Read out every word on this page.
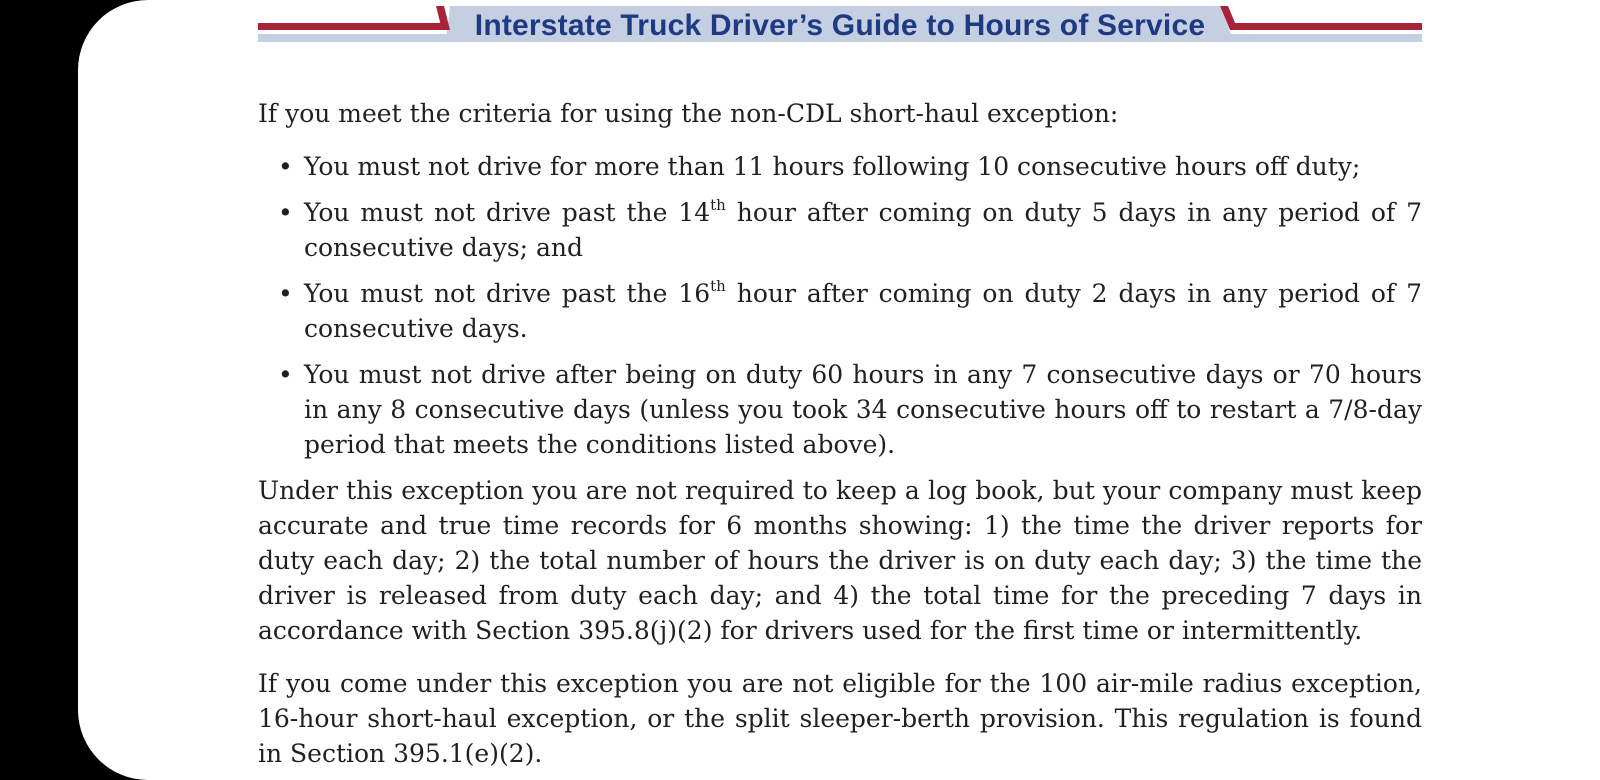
Interstate Truck Driver’s Guide to Hours of Service

If you meet the criteria for using the non-CDL short-haul exception:

• You must not drive for more than 11 hours following 10 consecutive hours off duty;
• You must not drive past the 14th hour after coming on duty 5 days in any period of 7 consecutive days; and
• You must not drive past the 16th hour after coming on duty 2 days in any period of 7 consecutive days.
• You must not drive after being on duty 60 hours in any 7 consecutive days or 70 hours in any 8 consecutive days (unless you took 34 consecutive hours off to restart a 7/8-day period that meets the conditions listed above).

Under this exception you are not required to keep a log book, but your company must keep accurate and true time records for 6 months showing: 1) the time the driver reports for duty each day; 2) the total number of hours the driver is on duty each day; 3) the time the driver is released from duty each day; and 4) the total time for the preceding 7 days in accordance with Section 395.8(j)(2) for drivers used for the first time or intermittently.

If you come under this exception you are not eligible for the 100 air-mile radius exception, 16-hour short-haul exception, or the split sleeper-berth provision. This regulation is found in Section 395.1(e)(2).
